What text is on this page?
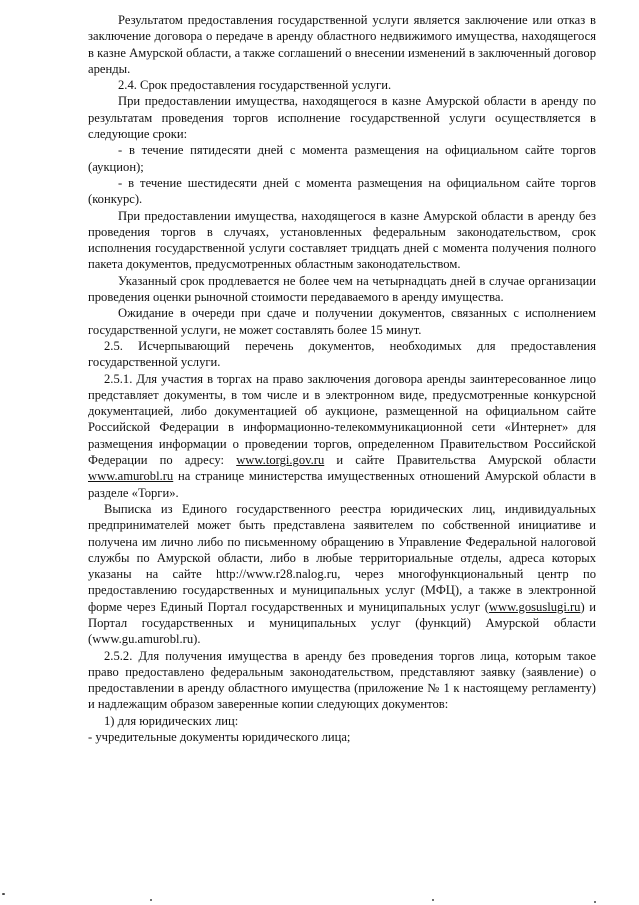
Результатом предоставления государственной услуги является заключение или отказ в заключение договора о передаче в аренду областного недвижимого имущества, находящегося в казне Амурской области, а также соглашений о внесении изменений в заключенный договор аренды.

2.4. Срок предоставления государственной услуги.

При предоставлении имущества, находящегося в казне Амурской области в аренду по результатам проведения торгов исполнение государственной услуги осуществляется в следующие сроки:

- в течение пятидесяти дней с момента размещения на официальном сайте торгов (аукцион);

- в течение шестидесяти дней с момента размещения на официальном сайте торгов (конкурс).

При предоставлении имущества, находящегося в казне Амурской области в аренду без проведения торгов в случаях, установленных федеральным законодательством, срок исполнения государственной услуги составляет тридцать дней с момента получения полного пакета документов, предусмотренных областным законодательством.

Указанный срок продлевается не более чем на четырнадцать дней в случае организации проведения оценки рыночной стоимости передаваемого в аренду имущества.

Ожидание в очереди при сдаче и получении документов, связанных с исполнением государственной услуги, не может составлять более 15 минут.

2.5. Исчерпывающий перечень документов, необходимых для предоставления государственной услуги.

2.5.1. Для участия в торгах на право заключения договора аренды заинтересованное лицо представляет документы, в том числе и в электронном виде, предусмотренные конкурсной документацией, либо документацией об аукционе, размещенной на официальном сайте Российской Федерации в информационно-телекоммуникационной сети «Интернет» для размещения информации о проведении торгов, определенном Правительством Российской Федерации по адресу: www.torgi.gov.ru и сайте Правительства Амурской области www.amurobl.ru на странице министерства имущественных отношений Амурской области в разделе «Торги».

Выписка из Единого государственного реестра юридических лиц, индивидуальных предпринимателей может быть представлена заявителем по собственной инициативе и получена им лично либо по письменному обращению в Управление Федеральной налоговой службы по Амурской области, либо в любые территориальные отделы, адреса которых указаны на сайте http://www.r28.nalog.ru, через многофункциональный центр по предоставлению государственных и муниципальных услуг (МФЦ), а также в электронной форме через Единый Портал государственных и муниципальных услуг (www.gosuslugi.ru) и Портал государственных и муниципальных услуг (функций) Амурской области (www.gu.amurobl.ru).

2.5.2. Для получения имущества в аренду без проведения торгов лица, которым такое право предоставлено федеральным законодательством, представляют заявку (заявление) о предоставлении в аренду областного имущества (приложение № 1 к настоящему регламенту) и надлежащим образом заверенные копии следующих документов:

1) для юридических лиц:

- учредительные документы юридического лица;
